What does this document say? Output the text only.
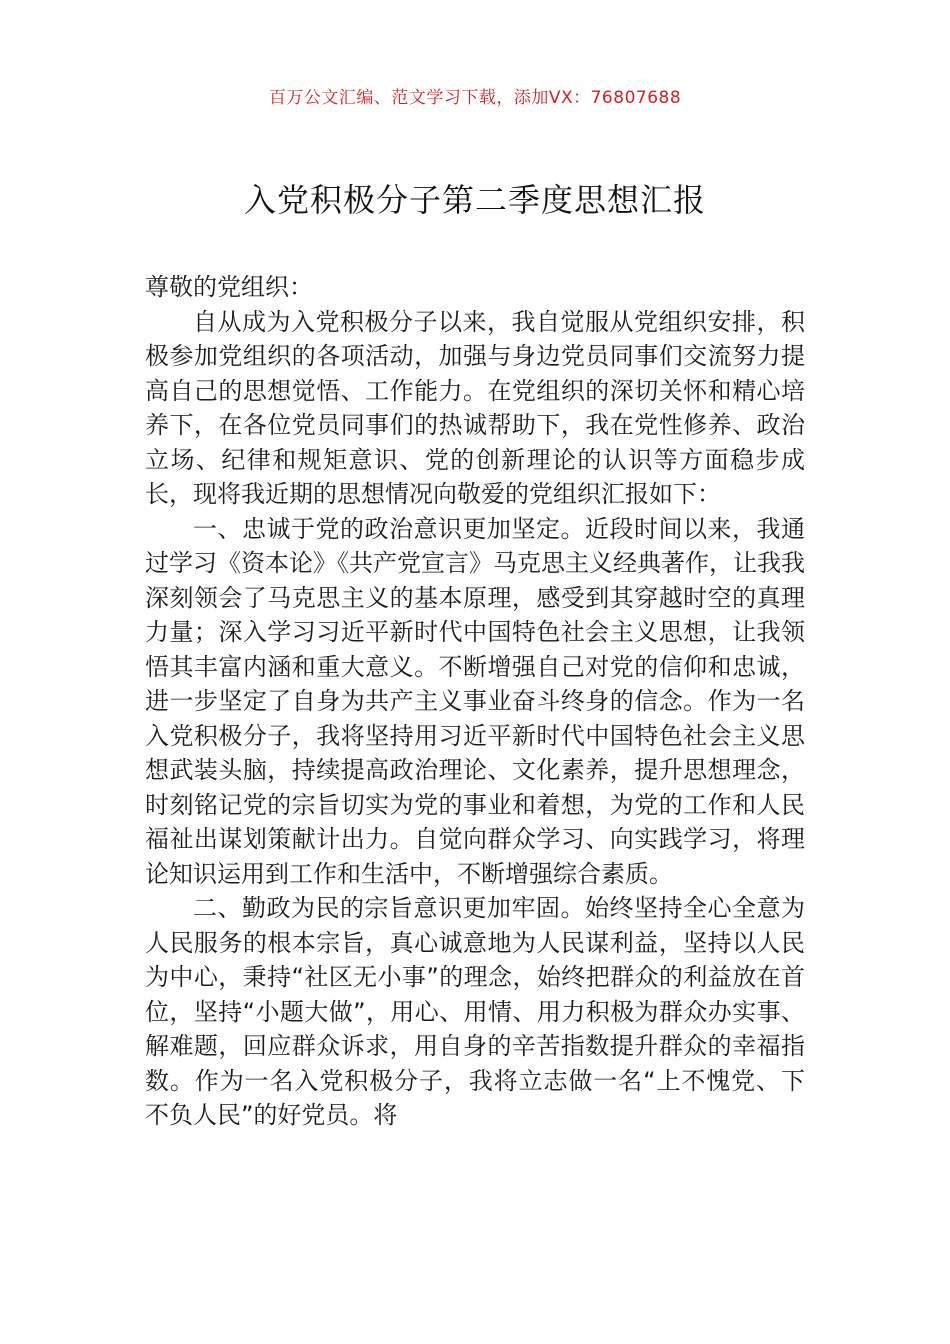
百万公文汇编、范文学习下载，添加VX：76807688
入党积极分子第二季度思想汇报

尊敬的党组织：

自从成为入党积极分子以来，我自觉服从党组织安排，积极参加党组织的各项活动，加强与身边党员同事们交流努力提高自己的思想觉悟、工作能力。在党组织的深切关怀和精心培养下，在各位党员同事们的热诚帮助下，我在党性修养、政治立场、纪律和规矩意识、党的创新理论的认识等方面稳步成长，现将我近期的思想情况向敬爱的党组织汇报如下：

一、忠诚于党的政治意识更加坚定。近段时间以来，我通过学习《资本论》《共产党宣言》马克思主义经典著作，让我我深刻领会了马克思主义的基本原理，感受到其穿越时空的真理力量；深入学习习近平新时代中国特色社会主义思想，让我领悟其丰富内涵和重大意义。不断增强自己对党的信仰和忠诚，进一步坚定了自身为共产主义事业奋斗终身的信念。作为一名入党积极分子，我将坚持用习近平新时代中国特色社会主义思想武装头脑，持续提高政治理论、文化素养，提升思想理念，时刻铭记党的宗旨切实为党的事业和着想，为党的工作和人民福祉出谋划策献计出力。自觉向群众学习、向实践学习，将理论知识运用到工作和生活中，不断增强综合素质。

二、勤政为民的宗旨意识更加牢固。始终坚持全心全意为人民服务的根本宗旨，真心诚意地为人民谋利益，坚持以人民为中心，秉持“社区无小事”的理念，始终把群众的利益放在首位，坚持“小题大做”，用心、用情、用力积极为群众办实事、解难题，回应群众诉求，用自身的辛苦指数提升群众的幸福指数。作为一名入党积极分子，我将立志做一名“上不愧党、下不负人民”的好党员。将
